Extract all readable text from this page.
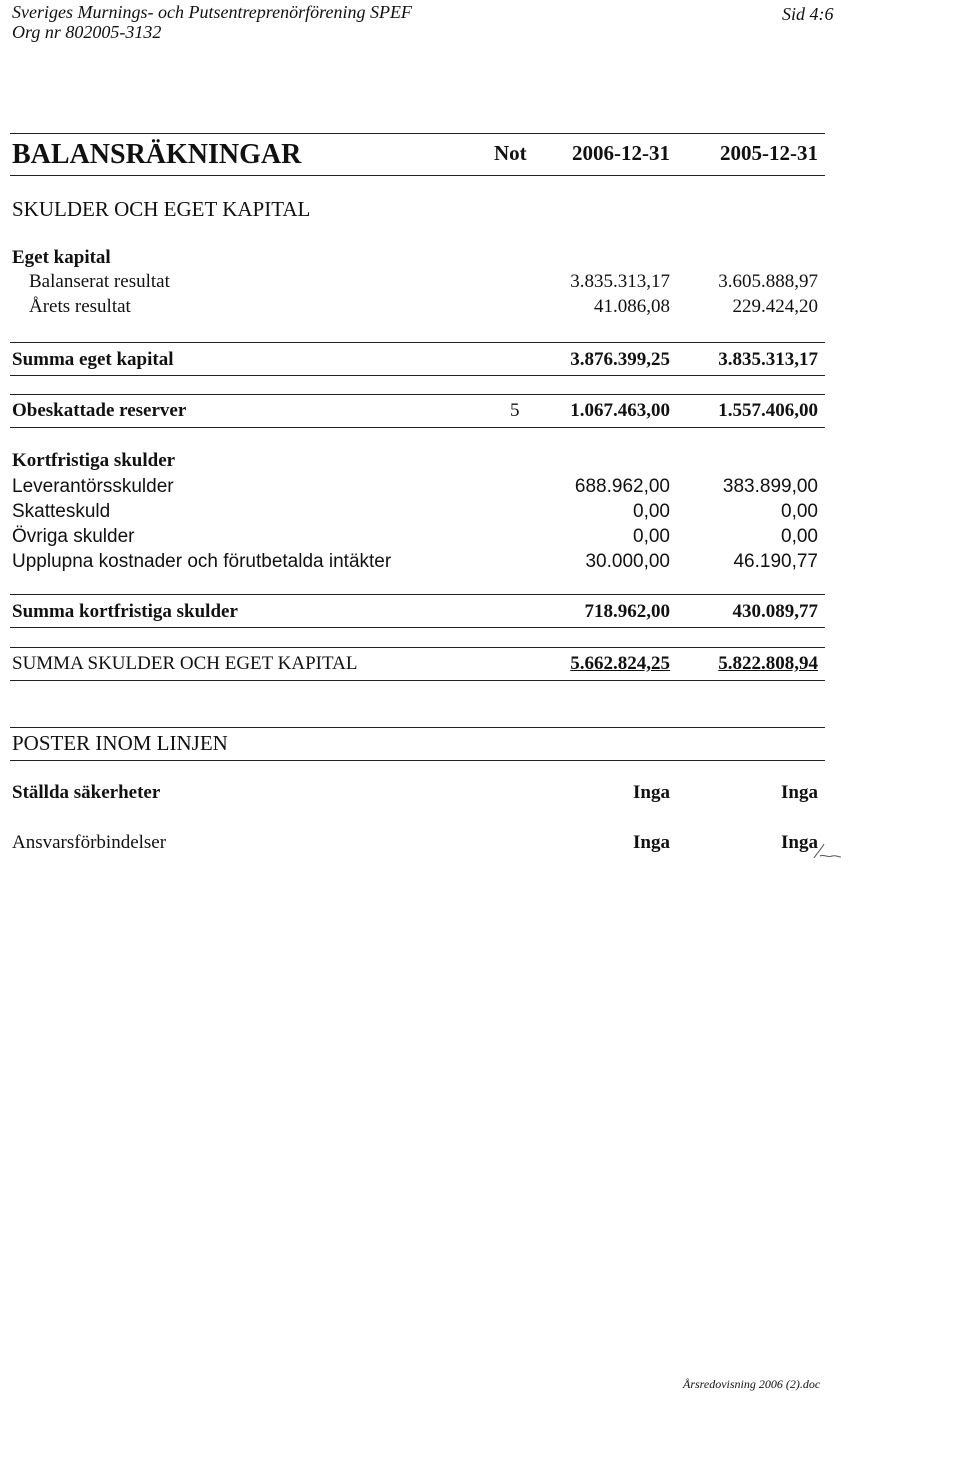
Sveriges Murnings- och Putsentreprenörförening SPEF
Org nr 802005-3132
Sid 4:6
BALANSRÄKNINGAR	Not 2006-12-31 2005-12-31
SKULDER OCH EGET KAPITAL
Eget kapital
Balanserat resultat	3.835.313,17	3.605.888,97
Årets resultat	41.086,08	229.424,20
Summa eget kapital	3.876.399,25	3.835.313,17
Obeskattade reserver	5	1.067.463,00	1.557.406,00
Kortfristiga skulder
Leverantörsskulder	688.962,00	383.899,00
Skatteskuld	0,00	0,00
Övriga skulder	0,00	0,00
Upplupna kostnader och förutbetalda intäkter	30.000,00	46.190,77
Summa kortfristiga skulder	718.962,00	430.089,77
SUMMA SKULDER OCH EGET KAPITAL	5.662.824,25	5.822.808,94
POSTER INOM LINJEN
Ställda säkerheter	Inga	Inga
Ansvarsförbindelser	Inga	Inga
Årsredovisning 2006 (2).doc
